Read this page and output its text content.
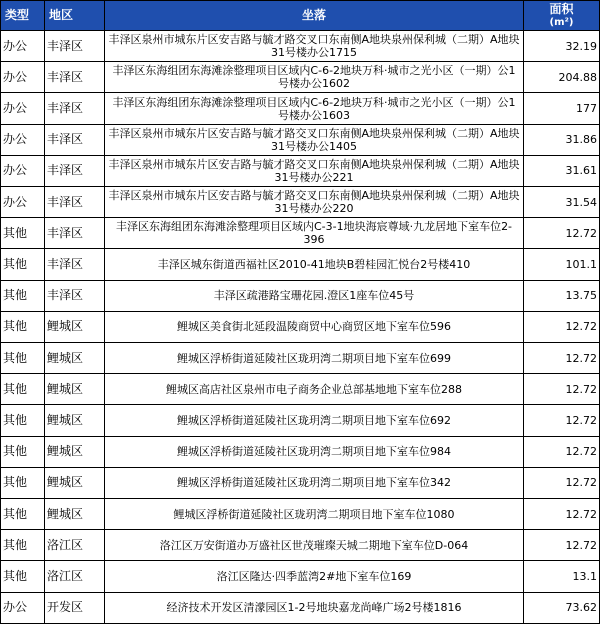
类型	地区	坐落	面积
(m²)

办公	丰泽区	丰泽区泉州市城东片区安吉路与毓才路交叉口东南侧A地块泉州保利城（二期）A地块31号楼办公1715	32.19
办公	丰泽区	丰泽区东海组团东海滩涂整理项目区域内C-6-2地块万科·城市之光小区（一期）公1号楼办公1602	204.88
办公	丰泽区	丰泽区东海组团东海滩涂整理项目区域内C-6-2地块万科·城市之光小区（一期）公1号楼办公1603	177
办公	丰泽区	丰泽区泉州市城东片区安吉路与毓才路交叉口东南侧A地块泉州保利城（二期）A地块31号楼办公1405	31.86
办公	丰泽区	丰泽区泉州市城东片区安吉路与毓才路交叉口东南侧A地块泉州保利城（二期）A地块31号楼办公221	31.61
办公	丰泽区	丰泽区泉州市城东片区安吉路与毓才路交叉口东南侧A地块泉州保利城（二期）A地块31号楼办公220	31.54
其他	丰泽区	丰泽区东海组团东海滩涂整理项目区域内C-3-1地块海宸尊域·九龙居地下室车位2-396	12.72
其他	丰泽区	丰泽区城东街道西福社区2010-41地块B碧桂园汇悦台2号楼410	101.1
其他	丰泽区	丰泽区疏港路宝珊花园.澄区1座车位45号	13.75
其他	鲤城区	鲤城区美食街北延段温陵商贸中心商贸区地下室车位596	12.72
其他	鲤城区	鲤城区浮桥街道延陵社区珑玥湾二期项目地下室车位699	12.72
其他	鲤城区	鲤城区高店社区泉州市电子商务企业总部基地地下室车位288	12.72
其他	鲤城区	鲤城区浮桥街道延陵社区珑玥湾二期项目地下室车位692	12.72
其他	鲤城区	鲤城区浮桥街道延陵社区珑玥湾二期项目地下室车位984	12.72
其他	鲤城区	鲤城区浮桥街道延陵社区珑玥湾二期项目地下室车位342	12.72
其他	鲤城区	鲤城区浮桥街道延陵社区珑玥湾二期项目地下室车位1080	12.72
其他	洛江区	洛江区万安街道办万盛社区世茂璀璨天城二期地下室车位D-064	12.72
其他	洛江区	洛江区隆达·四季蓝湾2#地下室车位169	13.1
办公	开发区	经济技术开发区清濛园区1-2号地块嘉龙尚峰广场2号楼1816	73.62
